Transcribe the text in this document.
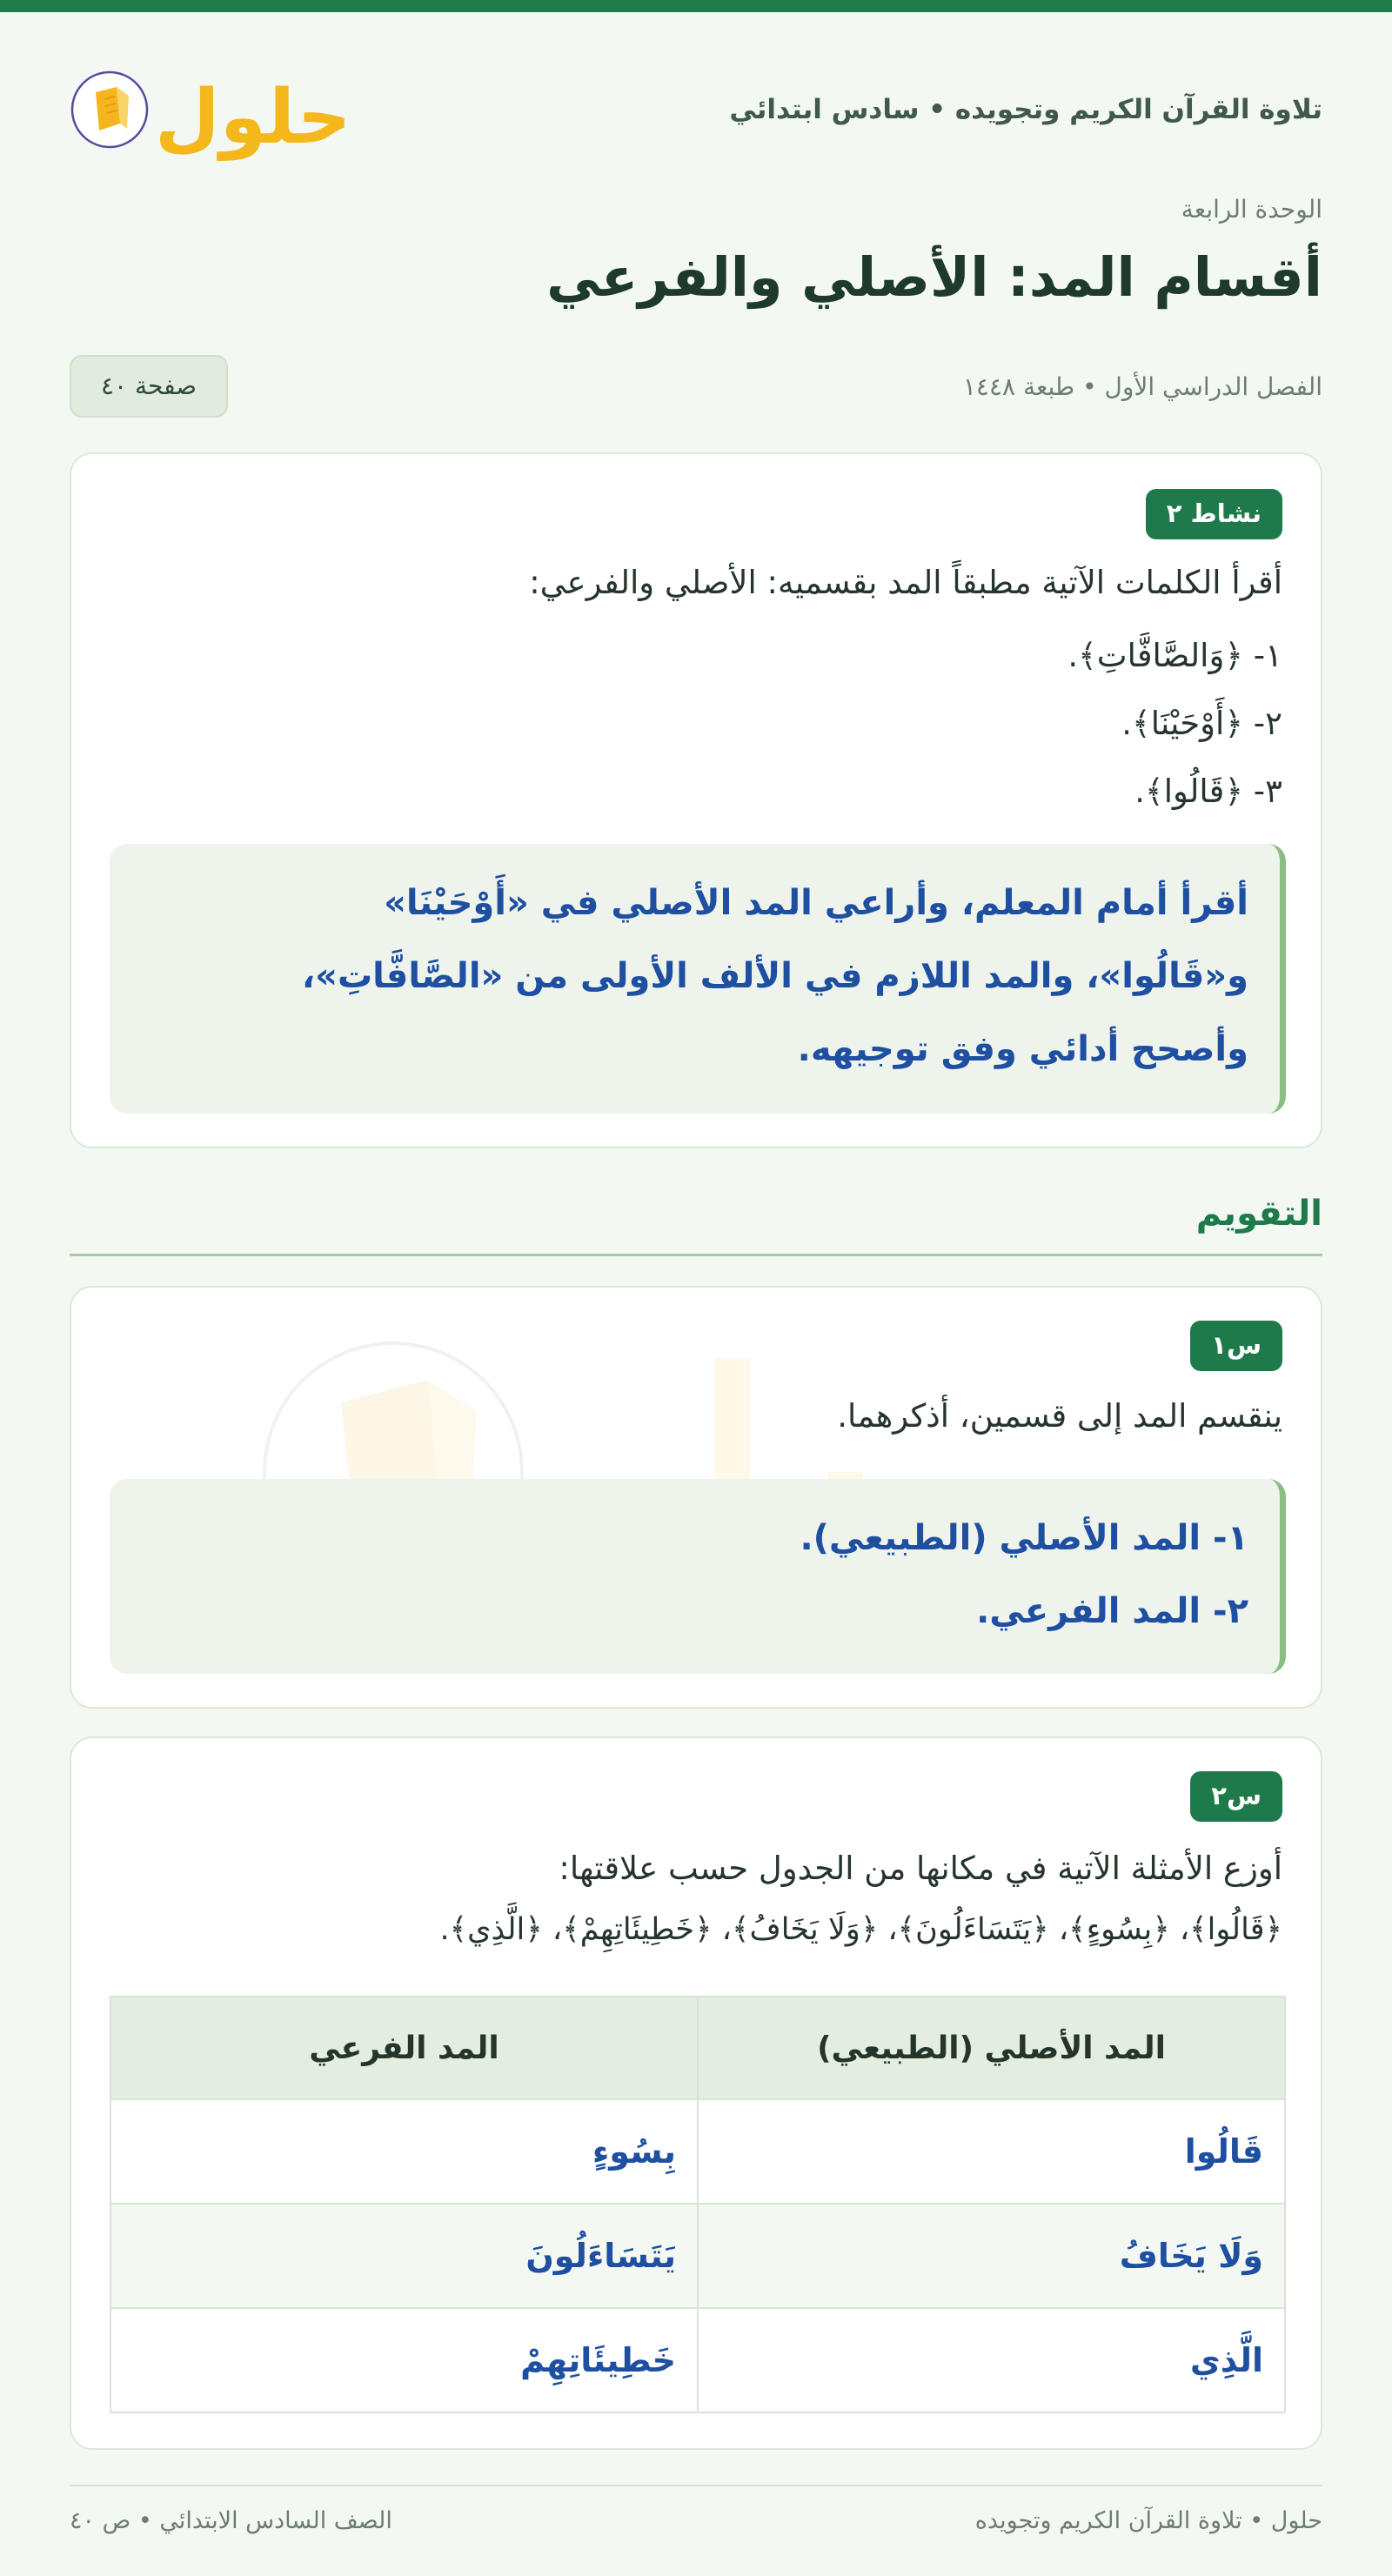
تلاوة القرآن الكريم وتجويده • سادس ابتدائي
حلول
الوحدة الرابعة
أقسام المد: الأصلي والفرعي
الفصل الدراسي الأول • طبعة ١٤٤٨
صفحة ٤٠
نشاط ٢
أقرأ الكلمات الآتية مطبقاً المد بقسميه: الأصلي والفرعي:
١- ﴿وَالصَّافَّاتِ﴾.
٢- ﴿أَوْحَيْنَا﴾.
٣- ﴿قَالُوا﴾.
أقرأ أمام المعلم، وأراعي المد الأصلي في «أَوْحَيْنَا»
و«قَالُوا»، والمد اللازم في الألف الأولى من «الصَّافَّاتِ»،
وأصحح أدائي وفق توجيهه.
التقويم
س١
ينقسم المد إلى قسمين، أذكرهما.
١- المد الأصلي (الطبيعي).
٢- المد الفرعي.
س٢
أوزع الأمثلة الآتية في مكانها من الجدول حسب علاقتها:
﴿قَالُوا﴾، ﴿بِسُوءٍ﴾، ﴿يَتَسَاءَلُونَ﴾، ﴿وَلَا يَخَافُ﴾، ﴿خَطِيئَاتِهِمْ﴾، ﴿الَّذِي﴾.
المد الأصلي (الطبيعي)	المد الفرعي
قَالُوا	بِسُوءٍ
وَلَا يَخَافُ	يَتَسَاءَلُونَ
الَّذِي	خَطِيئَاتِهِمْ
حلول • تلاوة القرآن الكريم وتجويده
الصف السادس الابتدائي • ص ٤٠
